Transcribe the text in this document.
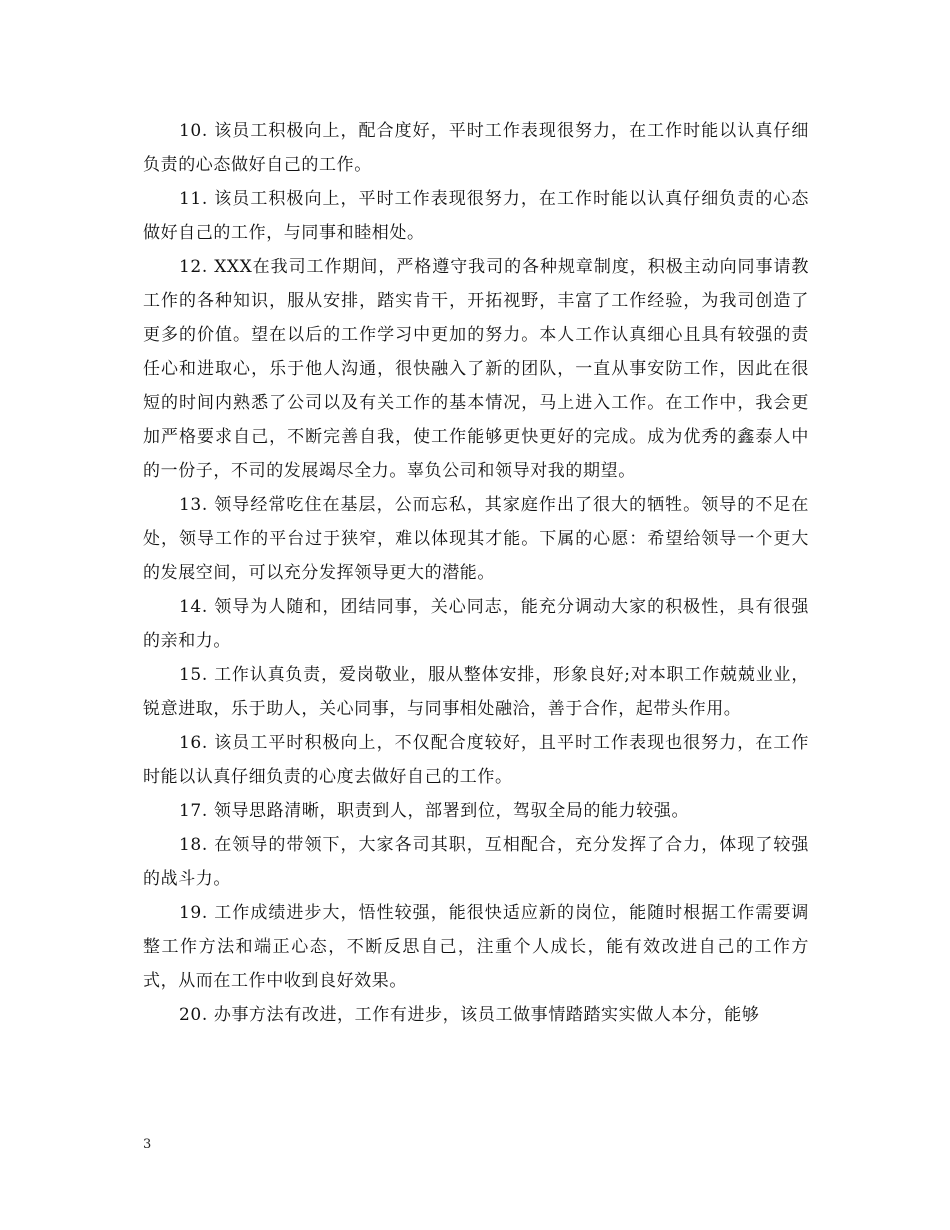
10. 该员工积极向上，配合度好，平时工作表现很努力，在工作时能以认真仔细负责的心态做好自己的工作。

11. 该员工积极向上，平时工作表现很努力，在工作时能以认真仔细负责的心态做好自己的工作，与同事和睦相处。

12. XXX在我司工作期间，严格遵守我司的各种规章制度，积极主动向同事请教工作的各种知识，服从安排，踏实肯干，开拓视野，丰富了工作经验，为我司创造了更多的价值。望在以后的工作学习中更加的努力。本人工作认真细心且具有较强的责任心和进取心，乐于他人沟通，很快融入了新的团队，一直从事安防工作，因此在很短的时间内熟悉了公司以及有关工作的基本情况，马上进入工作。在工作中，我会更加严格要求自己，不断完善自我，使工作能够更快更好的完成。成为优秀的鑫泰人中的一份子，不司的发展竭尽全力。辜负公司和领导对我的期望。

13. 领导经常吃住在基层，公而忘私，其家庭作出了很大的牺牲。领导的不足在处，领导工作的平台过于狭窄，难以体现其才能。下属的心愿：希望给领导一个更大的发展空间，可以充分发挥领导更大的潜能。

14. 领导为人随和，团结同事，关心同志，能充分调动大家的积极性，具有很强的亲和力。

15. 工作认真负责，爱岗敬业，服从整体安排，形象良好;对本职工作兢兢业业，锐意进取，乐于助人，关心同事，与同事相处融洽，善于合作，起带头作用。

16. 该员工平时积极向上，不仅配合度较好，且平时工作表现也很努力，在工作时能以认真仔细负责的心度去做好自己的工作。

17. 领导思路清晰，职责到人，部署到位，驾驭全局的能力较强。

18. 在领导的带领下，大家各司其职，互相配合，充分发挥了合力，体现了较强的战斗力。

19. 工作成绩进步大，悟性较强，能很快适应新的岗位，能随时根据工作需要调整工作方法和端正心态，不断反思自己，注重个人成长，能有效改进自己的工作方式，从而在工作中收到良好效果。

20. 办事方法有改进，工作有进步，该员工做事情踏踏实实做人本分，能够

3
